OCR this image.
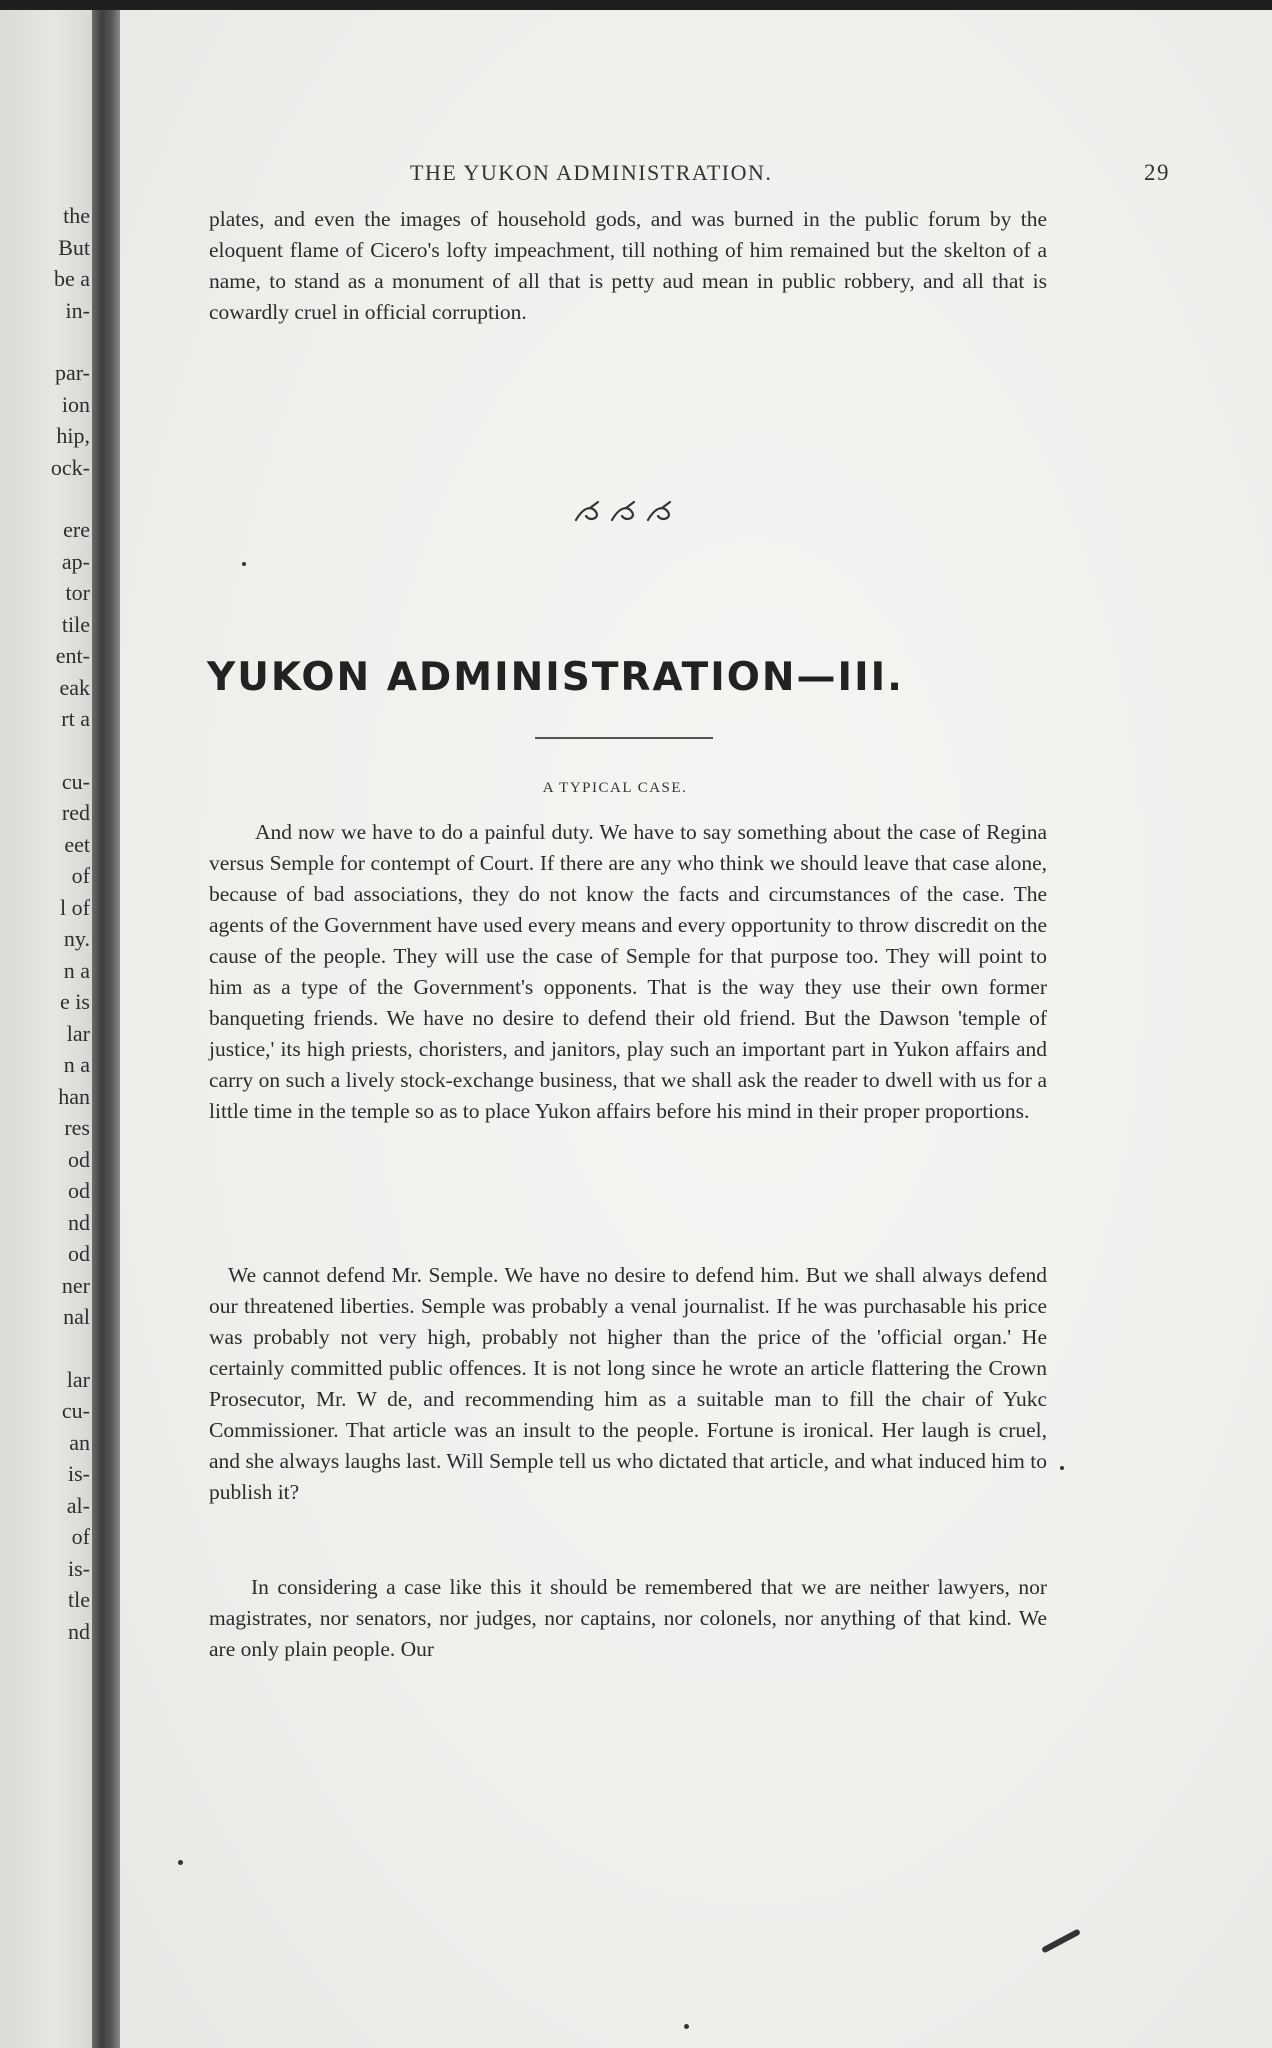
the
But
be a
in-
par-
ion
hip,
ock-
ere
ap-
tor
tile
ent-
eak
rt a
cu-
red
eet
of
l of
ny.
n a
e is
lar
n a
han
res
od
od
nd
od
ner
nal
lar
cu-
an
is-
al-
of
is-
tle
nd
THE YUKON ADMINISTRATION.	29

plates, and even the images of household gods, and was burned in the public forum by the eloquent flame of Cicero's lofty impeachment, till nothing of him remained but the skelton of a name, to stand as a monument of all that is petty aud mean in public robbery, and all that is cowardly cruel in official corruption.

YUKON ADMINISTRATION—III.
A TYPICAL CASE.

And now we have to do a painful duty. We have to say something about the case of Regina versus Semple for contempt of Court. If there are any who think we should leave that case alone, because of bad associations, they do not know the facts and circumstances of the case. The agents of the Government have used every means and every opportunity to throw discredit on the cause of the people. They will use the case of Semple for that purpose too. They will point to him as a type of the Government's opponents. That is the way they use their own former banqueting friends. We have no desire to defend their old friend. But the Dawson 'temple of justice,' its high priests, choristers, and janitors, play such an important part in Yukon affairs and carry on such a lively stock-exchange business, that we shall ask the reader to dwell with us for a little time in the temple so as to place Yukon affairs before his mind in their proper proportions.

We cannot defend Mr. Semple. We have no desire to defend him. But we shall always defend our threatened liberties. Semple was probably a venal journalist. If he was purchasable his price was probably not very high, probably not higher than the price of the 'official organ.' He certainly committed public offences. It is not long since he wrote an article flattering the Crown Prosecutor, Mr. W de, and recommending him as a suitable man to fill the chair of Yukc Commissioner. That article was an insult to the people. Fortune is ironical. Her laugh is cruel, and she always laughs last. Will Semple tell us who dictated that article, and what induced him to publish it?

In considering a case like this it should be remembered that we are neither lawyers, nor magistrates, nor senators, nor judges, nor captains, nor colonels, nor anything of that kind. We are only plain people. Our
